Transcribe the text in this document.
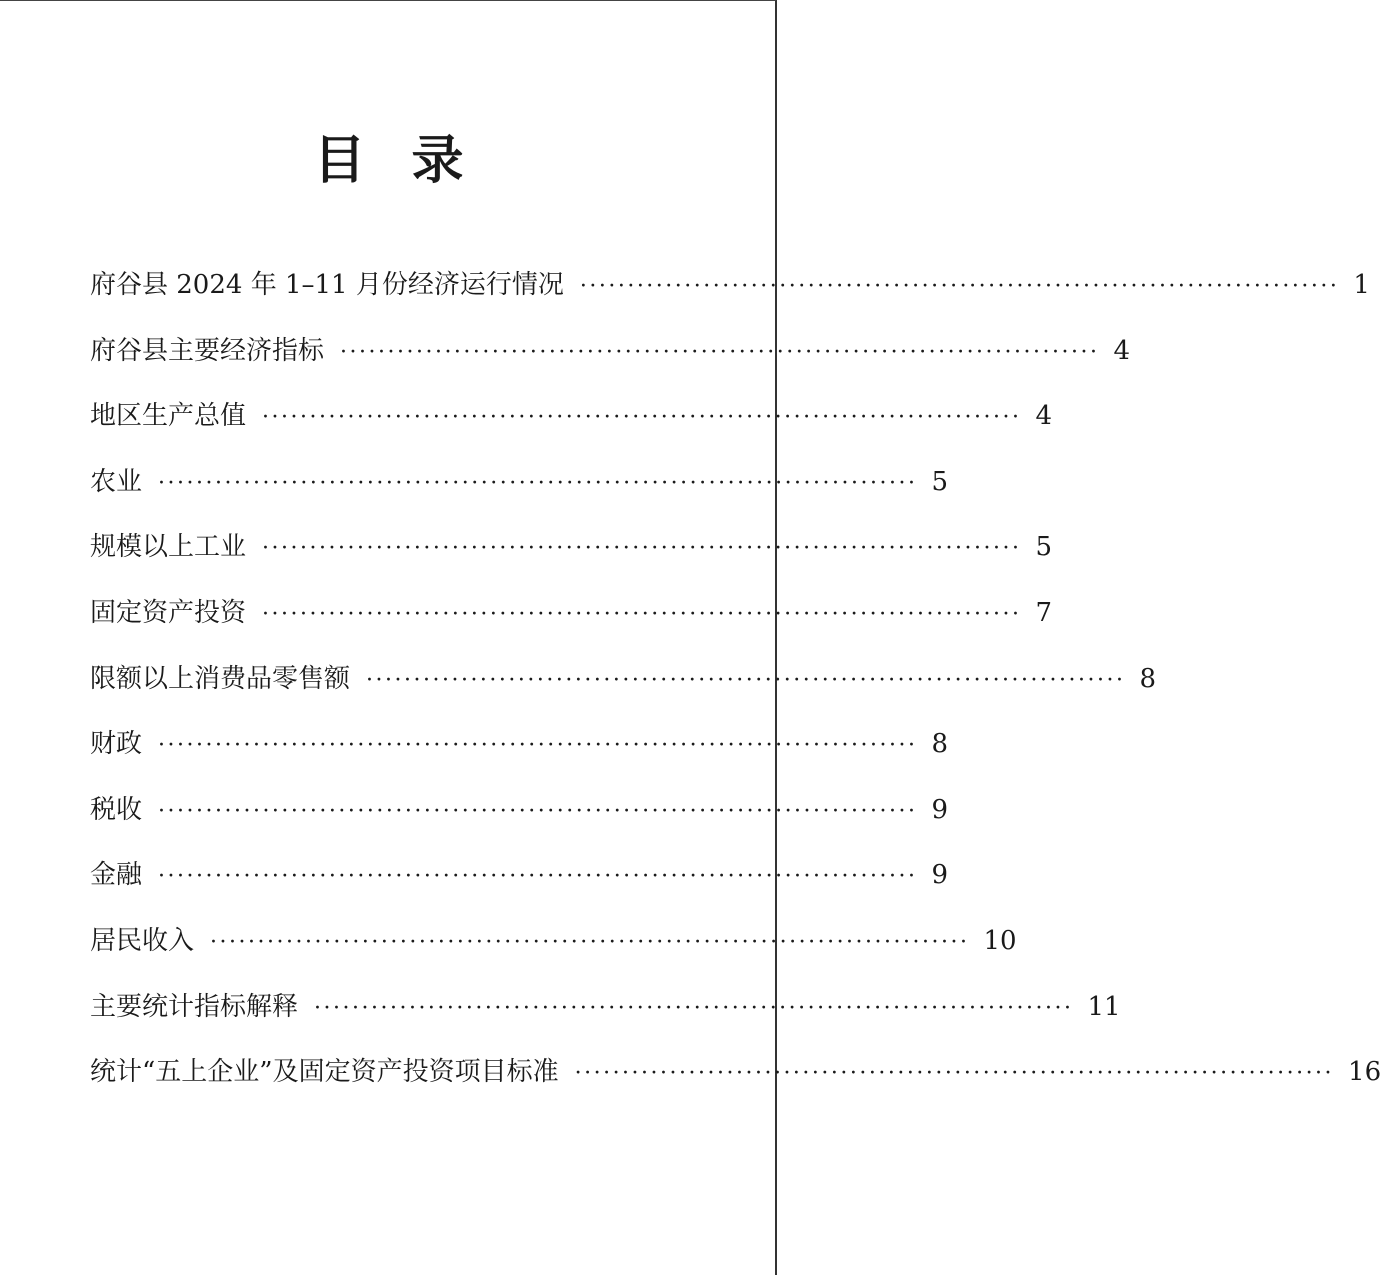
目 录
府谷县 2024 年 1–11 月份经济运行情况 ················································································ 1
府谷县主要经济指标 ················································································ 4
地区生产总值 ················································································ 4
农业 ················································································ 5
规模以上工业 ················································································ 5
固定资产投资 ················································································ 7
限额以上消费品零售额 ················································································ 8
财政 ················································································ 8
税收 ················································································ 9
金融 ················································································ 9
居民收入 ················································································ 10
主要统计指标解释 ················································································ 11
统计“五上企业”及固定资产投资项目标准 ················································································ 16
